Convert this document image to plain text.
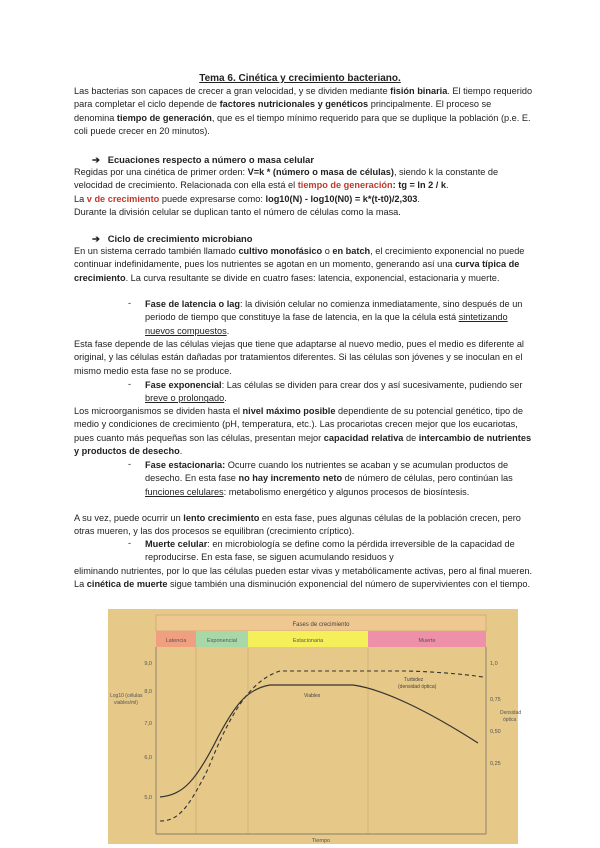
Tema 6. Cinética y crecimiento bacteriano.
Las bacterias son capaces de crecer a gran velocidad, y se dividen mediante fisión binaria. El tiempo requerido para completar el ciclo depende de factores nutricionales y genéticos principalmente. El proceso se denomina tiempo de generación, que es el tiempo mínimo requerido para que se duplique la población (p.e. E. coli puede crecer en 20 minutos).
➔ Ecuaciones respecto a número o masa celular
Regidas por una cinética de primer orden: V=k * (número o masa de células), siendo k la constante de velocidad de crecimiento. Relacionada con ella está el tiempo de generación: tg = ln 2 / k.
La v de crecimiento puede expresarse como: log10(N) - log10(N0) = k*(t-t0)/2,303.
Durante la división celular se duplican tanto el número de células como la masa.
➔ Ciclo de crecimiento microbiano
En un sistema cerrado también llamado cultivo monofásico o en batch, el crecimiento exponencial no puede continuar indefinidamente, pues los nutrientes se agotan en un momento, generando así una curva típica de crecimiento. La curva resultante se divide en cuatro fases: latencia, exponencial, estacionaria y muerte.
- Fase de latencia o lag: la división celular no comienza inmediatamente, sino después de un periodo de tiempo que constituye la fase de latencia, en la que la célula está sintetizando nuevos compuestos.
Esta fase depende de las células viejas que tiene que adaptarse al nuevo medio, pues el medio es diferente al original, y las células están dañadas por tratamientos diferentes. Si las células son jóvenes y se inoculan en el mismo medio esta fase no se produce.
- Fase exponencial: Las células se dividen para crear dos y así sucesivamente, pudiendo ser breve o prolongado.
Los microorganismos se dividen hasta el nivel máximo posible dependiente de su potencial genético, tipo de medio y condiciones de crecimiento (pH, temperatura, etc.). Las procariotas crecen mejor que los eucariotas, pues cuanto más pequeñas son las células, presentan mejor capacidad relativa de intercambio de nutrientes y productos de desecho.
- Fase estacionaria: Ocurre cuando los nutrientes se acaban y se acumulan productos de desecho. En esta fase no hay incremento neto de número de células, pero continúan las funciones celulares: metabolismo energético y algunos procesos de biosíntesis.
A su vez, puede ocurrir un lento crecimiento en esta fase, pues algunas células de la población crecen, pero otras mueren, y las dos procesos se equilibran (crecimiento críptico).
- Muerte celular: en microbiología se define como la pérdida irreversible de la capacidad de reproducirse. En esta fase, se siguen acumulando residuos y
eliminando nutrientes, por lo que las células pueden estar vivas y metabólicamente activas, pero al final mueren. La cinética de muerte sigue también una disminución exponencial del número de supervivientes con el tiempo.
Fases de crecimiento
Latencia	Exponencial	Estacionaria	Muerte
9,0
8,0
7,0
6,0
5,0
1,0
0,75
0,50
0,25
Log10 (células
viables/ml)
Densidad
óptica
Tiempo
Viables
Turbidez
(densidad óptica)
